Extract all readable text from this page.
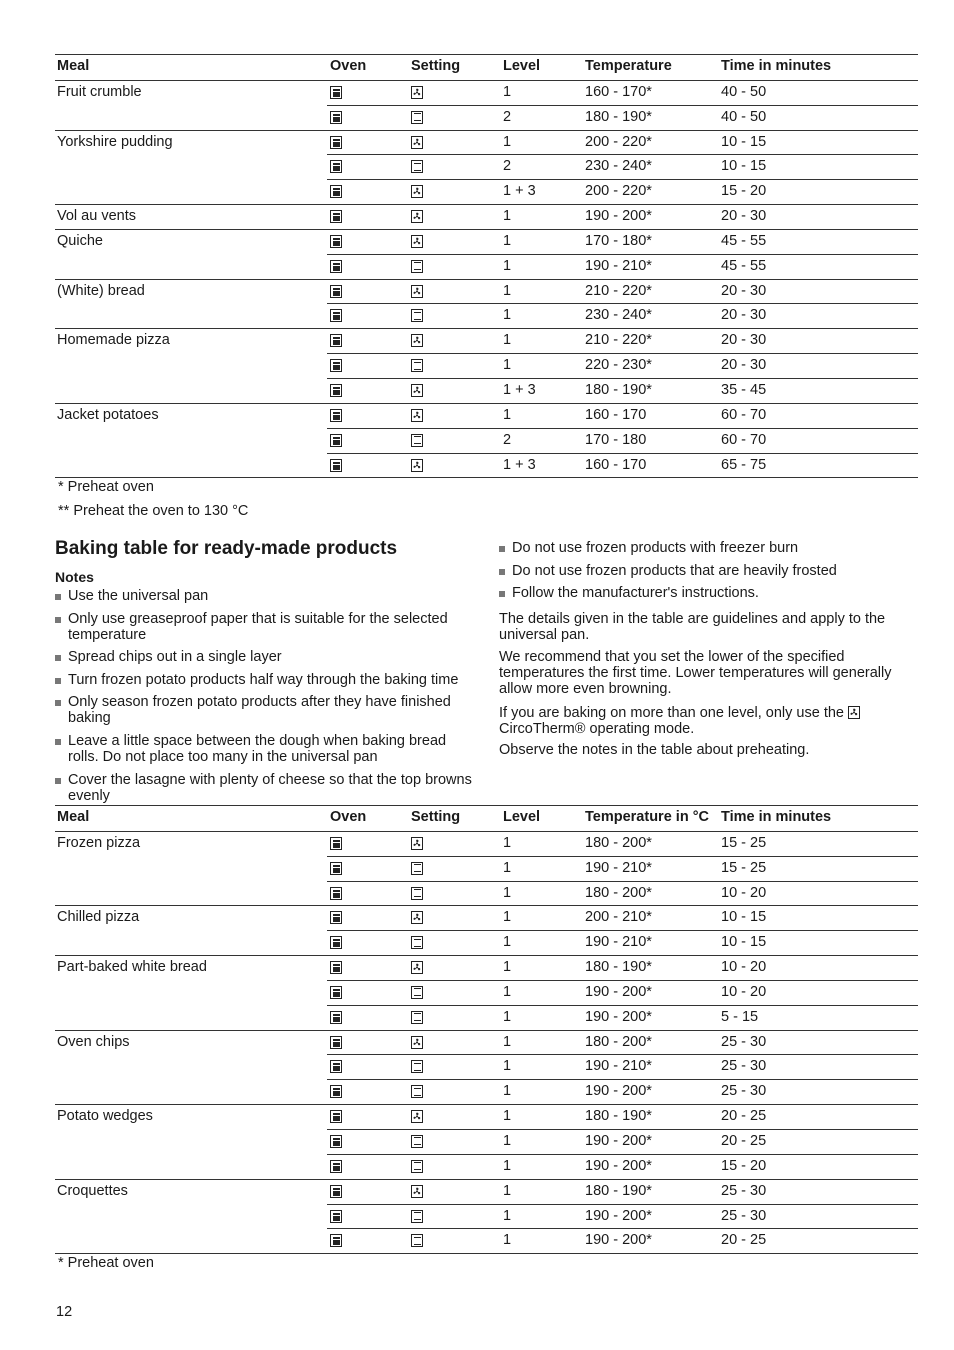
Meal	Oven	Setting	Level	Temperature	Time in minutes
Fruit crumble	1	160 - 170*	40 - 50
2	180 - 190*	40 - 50
Yorkshire pudding	1	200 - 220*	10 - 15
2	230 - 240*	10 - 15
1 + 3	200 - 220*	15 - 20
Vol au vents	1	190 - 200*	20 - 30
Quiche	1	170 - 180*	45 - 55
1	190 - 210*	45 - 55
(White) bread	1	210 - 220*	20 - 30
1	230 - 240*	20 - 30
Homemade pizza	1	210 - 220*	20 - 30
1	220 - 230*	20 - 30
1 + 3	180 - 190*	35 - 45
Jacket potatoes	1	160 - 170	60 - 70
2	170 - 180	60 - 70
1 + 3	160 - 170	65 - 75
* Preheat oven
** Preheat the oven to 130 °C
Baking table for ready-made products
Notes
Use the universal pan
Only use greaseproof paper that is suitable for the selected temperature
Spread chips out in a single layer
Turn frozen potato products half way through the baking time
Only season frozen potato products after they have finished baking
Leave a little space between the dough when baking bread rolls. Do not place too many in the universal pan
Cover the lasagne with plenty of cheese so that the top browns evenly
Do not use frozen products with freezer burn
Do not use frozen products that are heavily frosted
Follow the manufacturer's instructions.

The details given in the table are guidelines and apply to the universal pan.

We recommend that you set the lower of the specified temperatures the first time. Lower temperatures will generally allow more even browning.

If you are baking on more than one level, only use the
CircoTherm® operating mode.

Observe the notes in the table about preheating.

Meal	Oven	Setting	Level	Temperature in °C Time in minutes
Frozen pizza	1	180 - 200*	15 - 25
1	190 - 210*	15 - 25
1	180 - 200*	10 - 20
Chilled pizza	1	200 - 210*	10 - 15
1	190 - 210*	10 - 15
Part-baked white bread	1	180 - 190*	10 - 20
1	190 - 200*	10 - 20
1	190 - 200*	5 - 15
Oven chips	1	180 - 200*	25 - 30
1	190 - 210*	25 - 30
1	190 - 200*	25 - 30
Potato wedges	1	180 - 190*	20 - 25
1	190 - 200*	20 - 25
1	190 - 200*	15 - 20
Croquettes	1	180 - 190*	25 - 30
1	190 - 200*	25 - 30
1	190 - 200*	20 - 25
* Preheat oven
12
